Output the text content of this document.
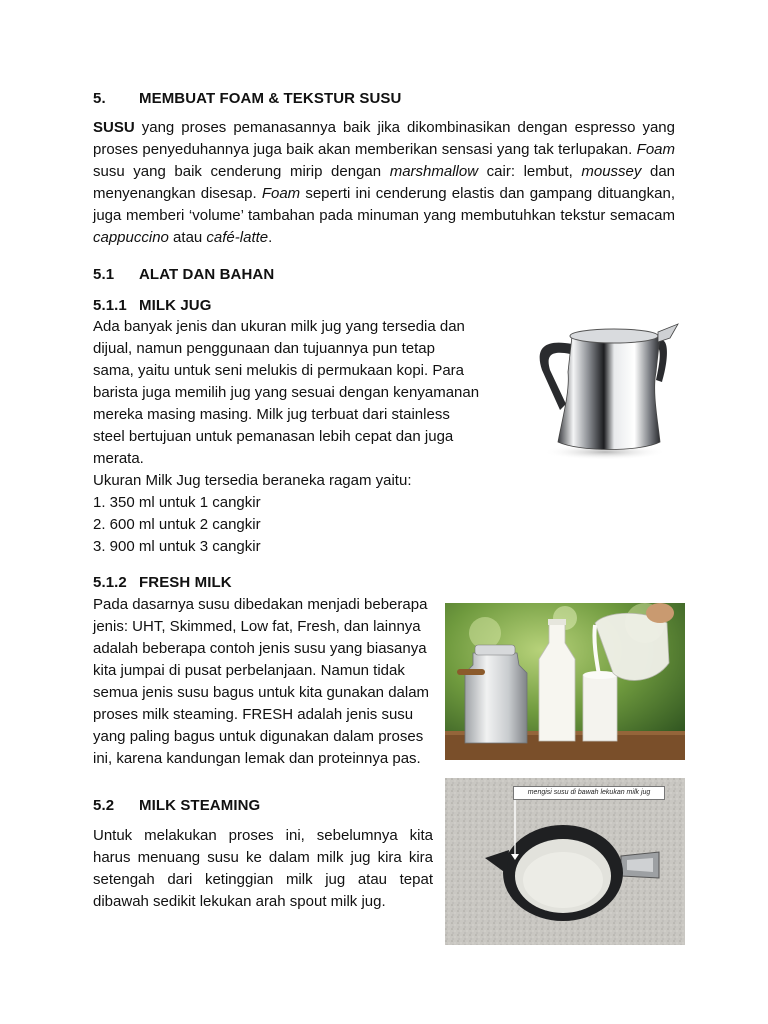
5. MEMBUAT FOAM & TEKSTUR SUSU
SUSU yang proses pemanasannya baik jika dikombinasikan dengan espresso yang proses penyeduhannya juga baik akan memberikan sensasi yang tak terlupakan. Foam susu yang baik cenderung mirip dengan marshmallow cair: lembut, moussey dan menyenangkan disesap. Foam seperti ini cenderung elastis dan gampang dituangkan, juga memberi ‘volume’ tambahan pada minuman yang membutuhkan tekstur semacam cappuccino atau café-latte.
5.1 ALAT DAN BAHAN
5.1.1 MILK JUG
Ada banyak jenis dan ukuran milk jug yang tersedia dan
dijual, namun penggunaan dan tujuannya pun tetap
sama, yaitu untuk seni melukis di permukaan kopi. Para
barista juga memilih jug yang sesuai dengan kenyamanan
mereka masing masing. Milk jug terbuat dari stainless
steel bertujuan untuk pemanasan lebih cepat dan juga
merata.
Ukuran Milk Jug tersedia beraneka ragam yaitu:
1. 350 ml untuk 1 cangkir
2. 600 ml untuk 2 cangkir
3. 900 ml untuk 3 cangkir
5.1.2 FRESH MILK
Pada dasarnya susu dibedakan menjadi beberapa
jenis: UHT, Skimmed, Low fat, Fresh, dan lainnya
adalah beberapa contoh jenis susu yang biasanya
kita jumpai di pusat perbelanjaan. Namun tidak
semua jenis susu bagus untuk kita gunakan dalam
proses milk steaming. FRESH adalah jenis susu
yang paling bagus untuk digunakan dalam proses
ini, karena kandungan lemak dan proteinnya pas.
5.2 MILK STEAMING
Untuk melakukan proses ini, sebelumnya kita harus menuang susu ke dalam milk jug kira kira setengah dari ketinggian milk jug atau tepat dibawah sedikit lekukan arah spout milk jug.
mengisi susu di bawah lekukan milk jug
